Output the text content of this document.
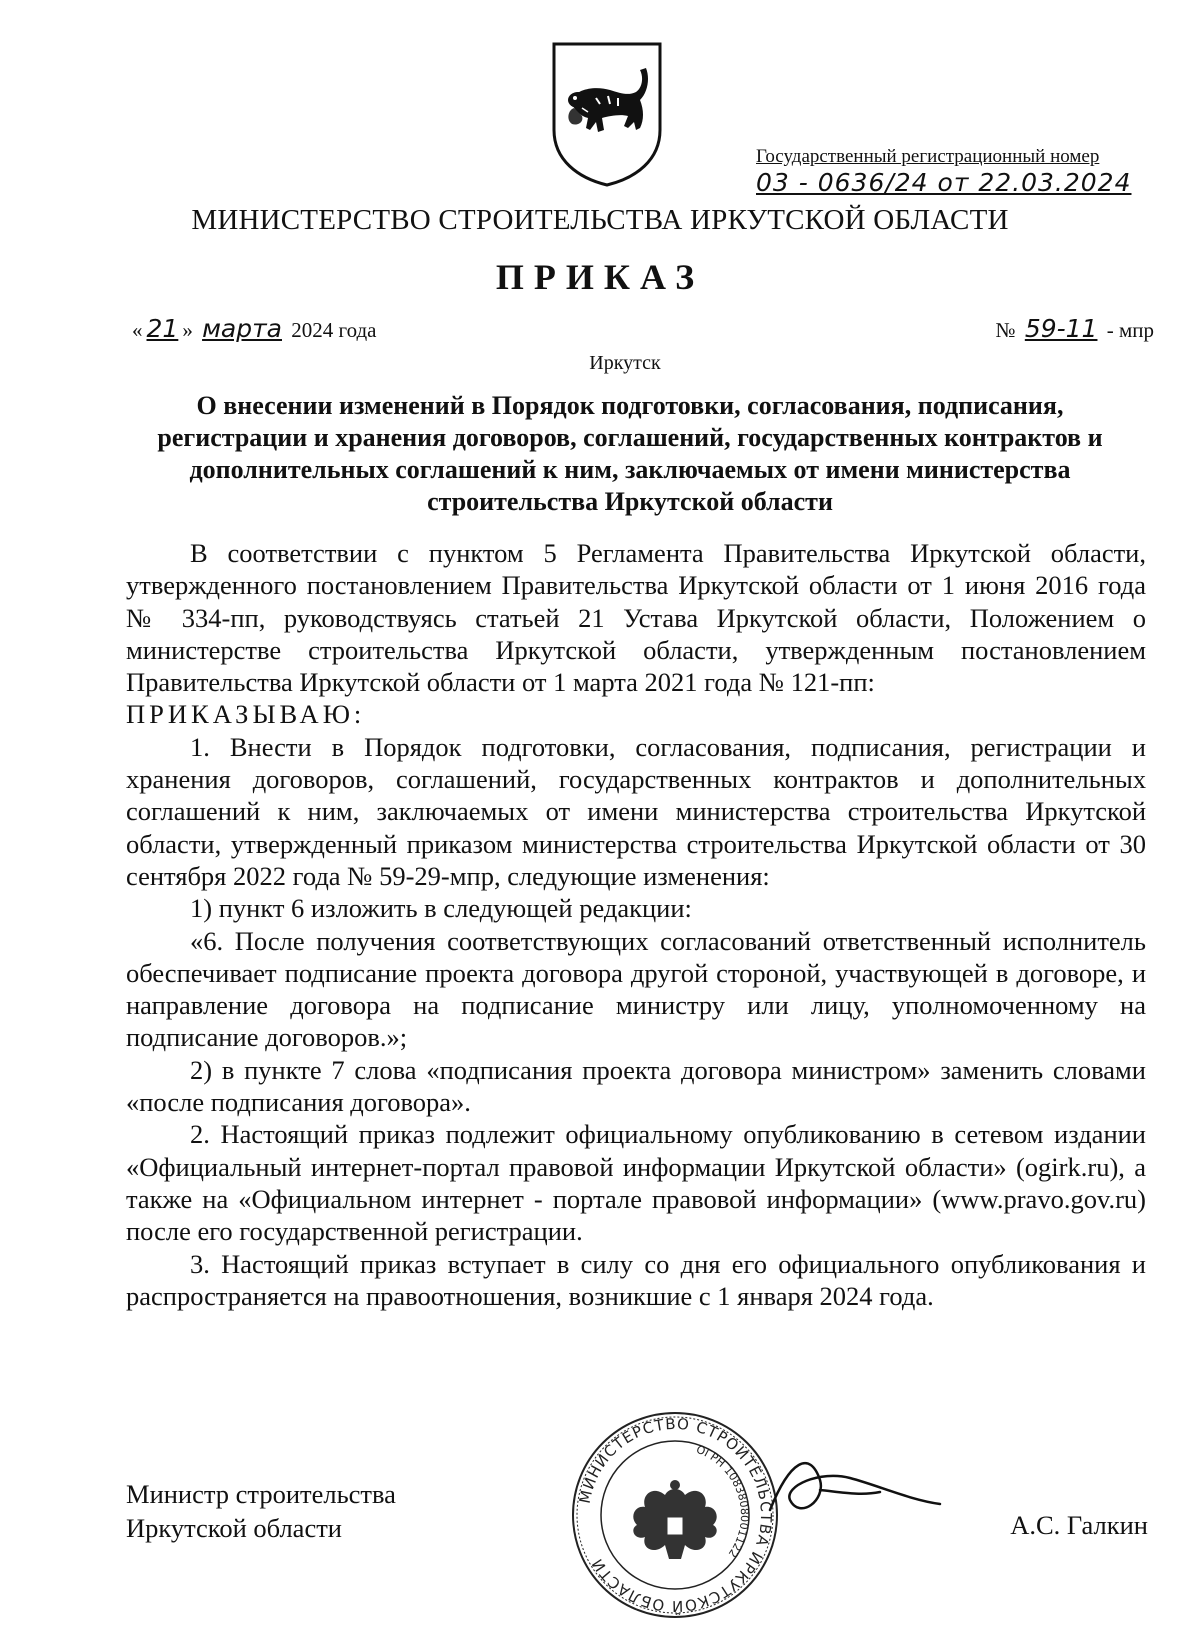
Государственный регистрационный номер
03 - 0636/24 от 22.03.2024
МИНИСТЕРСТВО СТРОИТЕЛЬСТВА ИРКУТСКОЙ ОБЛАСТИ
ПРИКАЗ
« 21 » марта 2024 года	№ 59-11 - мпр
Иркутск
О внесении изменений в Порядок подготовки, согласования, подписания, регистрации и хранения договоров, соглашений, государственных контрактов и дополнительных соглашений к ним, заключаемых от имени министерства строительства Иркутской области

В соответствии с пунктом 5 Регламента Правительства Иркутской области, утвержденного постановлением Правительства Иркутской области от 1 июня 2016 года № 334-пп, руководствуясь статьей 21 Устава Иркутской области, Положением о министерстве строительства Иркутской области, утвержденным постановлением Правительства Иркутской области от 1 марта 2021 года № 121-пп:

ПРИКАЗЫВАЮ:

1. Внести в Порядок подготовки, согласования, подписания, регистрации и хранения договоров, соглашений, государственных контрактов и дополнительных соглашений к ним, заключаемых от имени министерства строительства Иркутской области, утвержденный приказом министерства строительства Иркутской области от 30 сентября 2022 года № 59-29-мпр, следующие изменения:

1) пункт 6 изложить в следующей редакции:

«6. После получения соответствующих согласований ответственный исполнитель обеспечивает подписание проекта договора другой стороной, участвующей в договоре, и направление договора на подписание министру или лицу, уполномоченному на подписание договоров.»;

2) в пункте 7 слова «подписания проекта договора министром» заменить словами «после подписания договора».

2. Настоящий приказ подлежит официальному опубликованию в сетевом издании «Официальный интернет-портал правовой информации Иркутской области» (ogirk.ru), а также на «Официальном интернет - портале правовой информации» (www.pravo.gov.ru) после его государственной регистрации.

3. Настоящий приказ вступает в силу со дня его официального опубликования и распространяется на правоотношения, возникшие с 1 января 2024 года.

Министр строительства
Иркутской области
МИНИСТЕРСТВО СТРОИТЕЛЬСТВА ИРКУТСКОЙ ОБЛАСТИ
ОГРН 1083808001122
А.С. Галкин
